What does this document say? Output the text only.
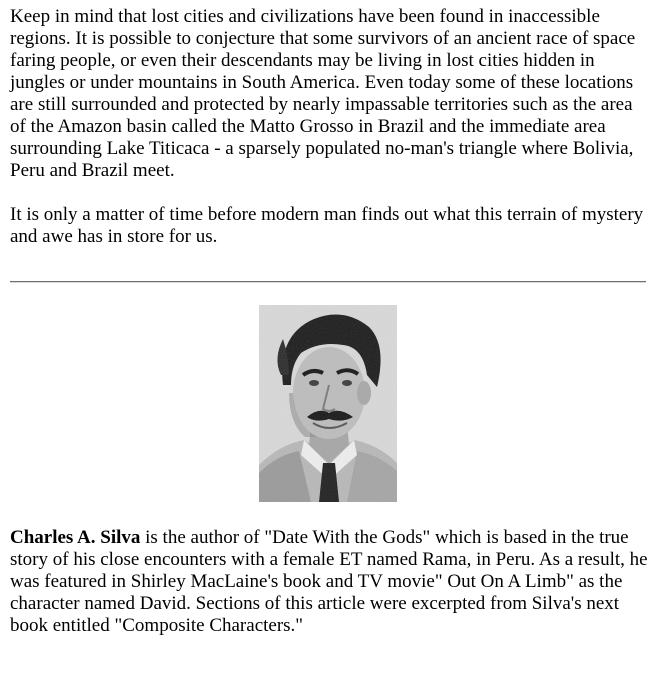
Keep in mind that lost cities and civilizations have been found in inaccessible regions. It is possible to conjecture that some survivors of an ancient race of space faring people, or even their descendants may be living in lost cities hidden in jungles or under mountains in South America. Even today some of these locations are still surrounded and protected by nearly impassable territories such as the area of the Amazon basin called the Matto Grosso in Brazil and the immediate area surrounding Lake Titicaca - a sparsely populated no-man's triangle where Bolivia, Peru and Brazil meet.

It is only a matter of time before modern man finds out what this terrain of mystery and awe has in store for us.

Charles A. Silva is the author of "Date With the Gods" which is based in the true story of his close encounters with a female ET named Rama, in Peru. As a result, he was featured in Shirley MacLaine's book and TV movie" Out On A Limb" as the character named David. Sections of this article were excerpted from Silva's next book entitled "Composite Characters."
